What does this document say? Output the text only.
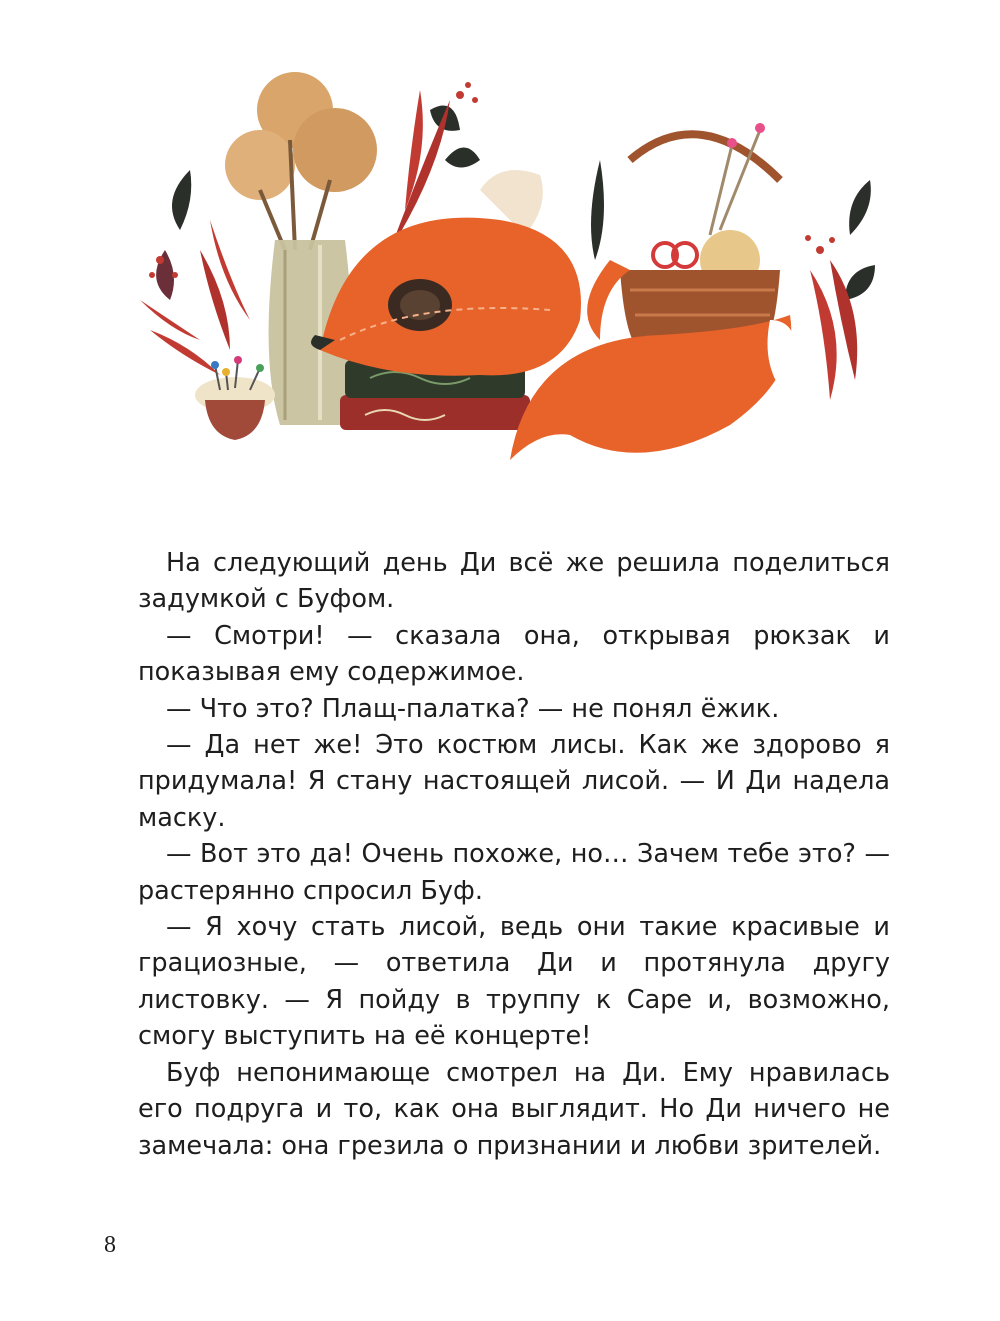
На следующий день Ди всё же решила поделиться задумкой с Буфом.

— Смотри! — сказала она, открывая рюкзак и показывая ему содержимое.

— Что это? Плащ-палатка? — не понял ёжик.

— Да нет же! Это костюм лисы. Как же здорово я придумала! Я стану настоящей лисой. — И Ди надела маску.

— Вот это да! Очень похоже, но… Зачем тебе это? — растерянно спросил Буф.

— Я хочу стать лисой, ведь они такие красивые и грациозные, — ответила Ди и протянула другу листовку. — Я пойду в труппу к Саре и, возможно, смогу выступить на её концерте!

Буф непонимающе смотрел на Ди. Ему нравилась его подруга и то, как она выглядит. Но Ди ничего не замечала: она грезила о признании и любви зрителей.

8
